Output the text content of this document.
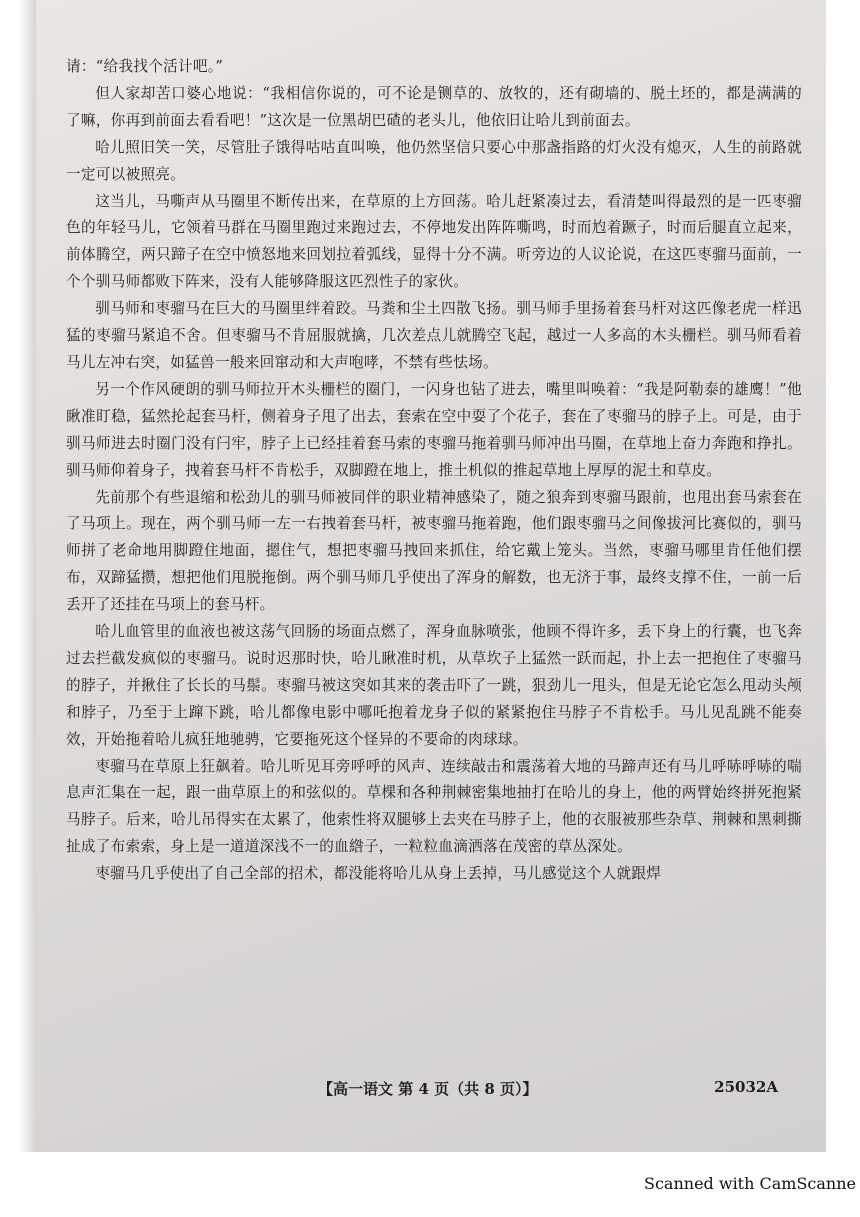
请：“给我找个活计吧。”

但人家却苦口婆心地说：“我相信你说的，可不论是铡草的、放牧的，还有砌墙的、脱土坯的，都是满满的了嘛，你再到前面去看看吧！”这次是一位黑胡巴碴的老头儿，他依旧让哈儿到前面去。

哈儿照旧笑一笑，尽管肚子饿得咕咕直叫唤，他仍然坚信只要心中那盏指路的灯火没有熄灭，人生的前路就一定可以被照亮。

这当儿，马嘶声从马圈里不断传出来，在草原的上方回荡。哈儿赶紧凑过去，看清楚叫得最烈的是一匹枣骝色的年轻马儿，它领着马群在马圈里跑过来跑过去，不停地发出阵阵嘶鸣，时而尥着蹶子，时而后腿直立起来，前体腾空，两只蹄子在空中愤怒地来回划拉着弧线，显得十分不满。听旁边的人议论说，在这匹枣骝马面前，一个个驯马师都败下阵来，没有人能够降服这匹烈性子的家伙。

驯马师和枣骝马在巨大的马圈里绊着跤。马粪和尘土四散飞扬。驯马师手里扬着套马杆对这匹像老虎一样迅猛的枣骝马紧追不舍。但枣骝马不肯屈服就擒，几次差点儿就腾空飞起，越过一人多高的木头栅栏。驯马师看着马儿左冲右突，如猛兽一般来回窜动和大声咆哮，不禁有些怯场。

另一个作风硬朗的驯马师拉开木头栅栏的圈门，一闪身也钻了进去，嘴里叫唤着：“我是阿勒泰的雄鹰！”他瞅准盯稳，猛然抡起套马杆，侧着身子甩了出去，套索在空中耍了个花子，套在了枣骝马的脖子上。可是，由于驯马师进去时圈门没有闩牢，脖子上已经挂着套马索的枣骝马拖着驯马师冲出马圈，在草地上奋力奔跑和挣扎。驯马师仰着身子，拽着套马杆不肯松手，双脚蹬在地上，推土机似的推起草地上厚厚的泥土和草皮。

先前那个有些退缩和松劲儿的驯马师被同伴的职业精神感染了，随之狼奔到枣骝马跟前，也甩出套马索套在了马项上。现在，两个驯马师一左一右拽着套马杆，被枣骝马拖着跑，他们跟枣骝马之间像拔河比赛似的，驯马师拼了老命地用脚蹬住地面，摁住气，想把枣骝马拽回来抓住，给它戴上笼头。当然，枣骝马哪里肯任他们摆布，双蹄猛攒，想把他们甩脱拖倒。两个驯马师几乎使出了浑身的解数，也无济于事，最终支撑不住，一前一后丢开了还挂在马项上的套马杆。

哈儿血管里的血液也被这荡气回肠的场面点燃了，浑身血脉喷张，他顾不得许多，丢下身上的行囊，也飞奔过去拦截发疯似的枣骝马。说时迟那时快，哈儿瞅准时机，从草坎子上猛然一跃而起，扑上去一把抱住了枣骝马的脖子，并揪住了长长的马鬃。枣骝马被这突如其来的袭击吓了一跳，狠劲儿一甩头，但是无论它怎么甩动头颅和脖子，乃至于上蹿下跳，哈儿都像电影中哪吒抱着龙身子似的紧紧抱住马脖子不肯松手。马儿见乱跳不能奏效，开始拖着哈儿疯狂地驰骋，它要拖死这个怪异的不要命的肉球球。

枣骝马在草原上狂飙着。哈儿听见耳旁呼呼的风声、连续敲击和震荡着大地的马蹄声还有马儿呼哧呼哧的喘息声汇集在一起，跟一曲草原上的和弦似的。草棵和各种荆棘密集地抽打在哈儿的身上，他的两臂始终拼死抱紧马脖子。后来，哈儿吊得实在太累了，他索性将双腿够上去夹在马脖子上，他的衣服被那些杂草、荆棘和黑刺撕扯成了布索索，身上是一道道深浅不一的血綹子，一粒粒血滴洒落在茂密的草丛深处。

枣骝马几乎使出了自己全部的招术，都没能将哈儿从身上丢掉，马儿感觉这个人就跟焊

【高一语文 第 4 页（共 8 页）】	25032A
Scanned with CamScanne
